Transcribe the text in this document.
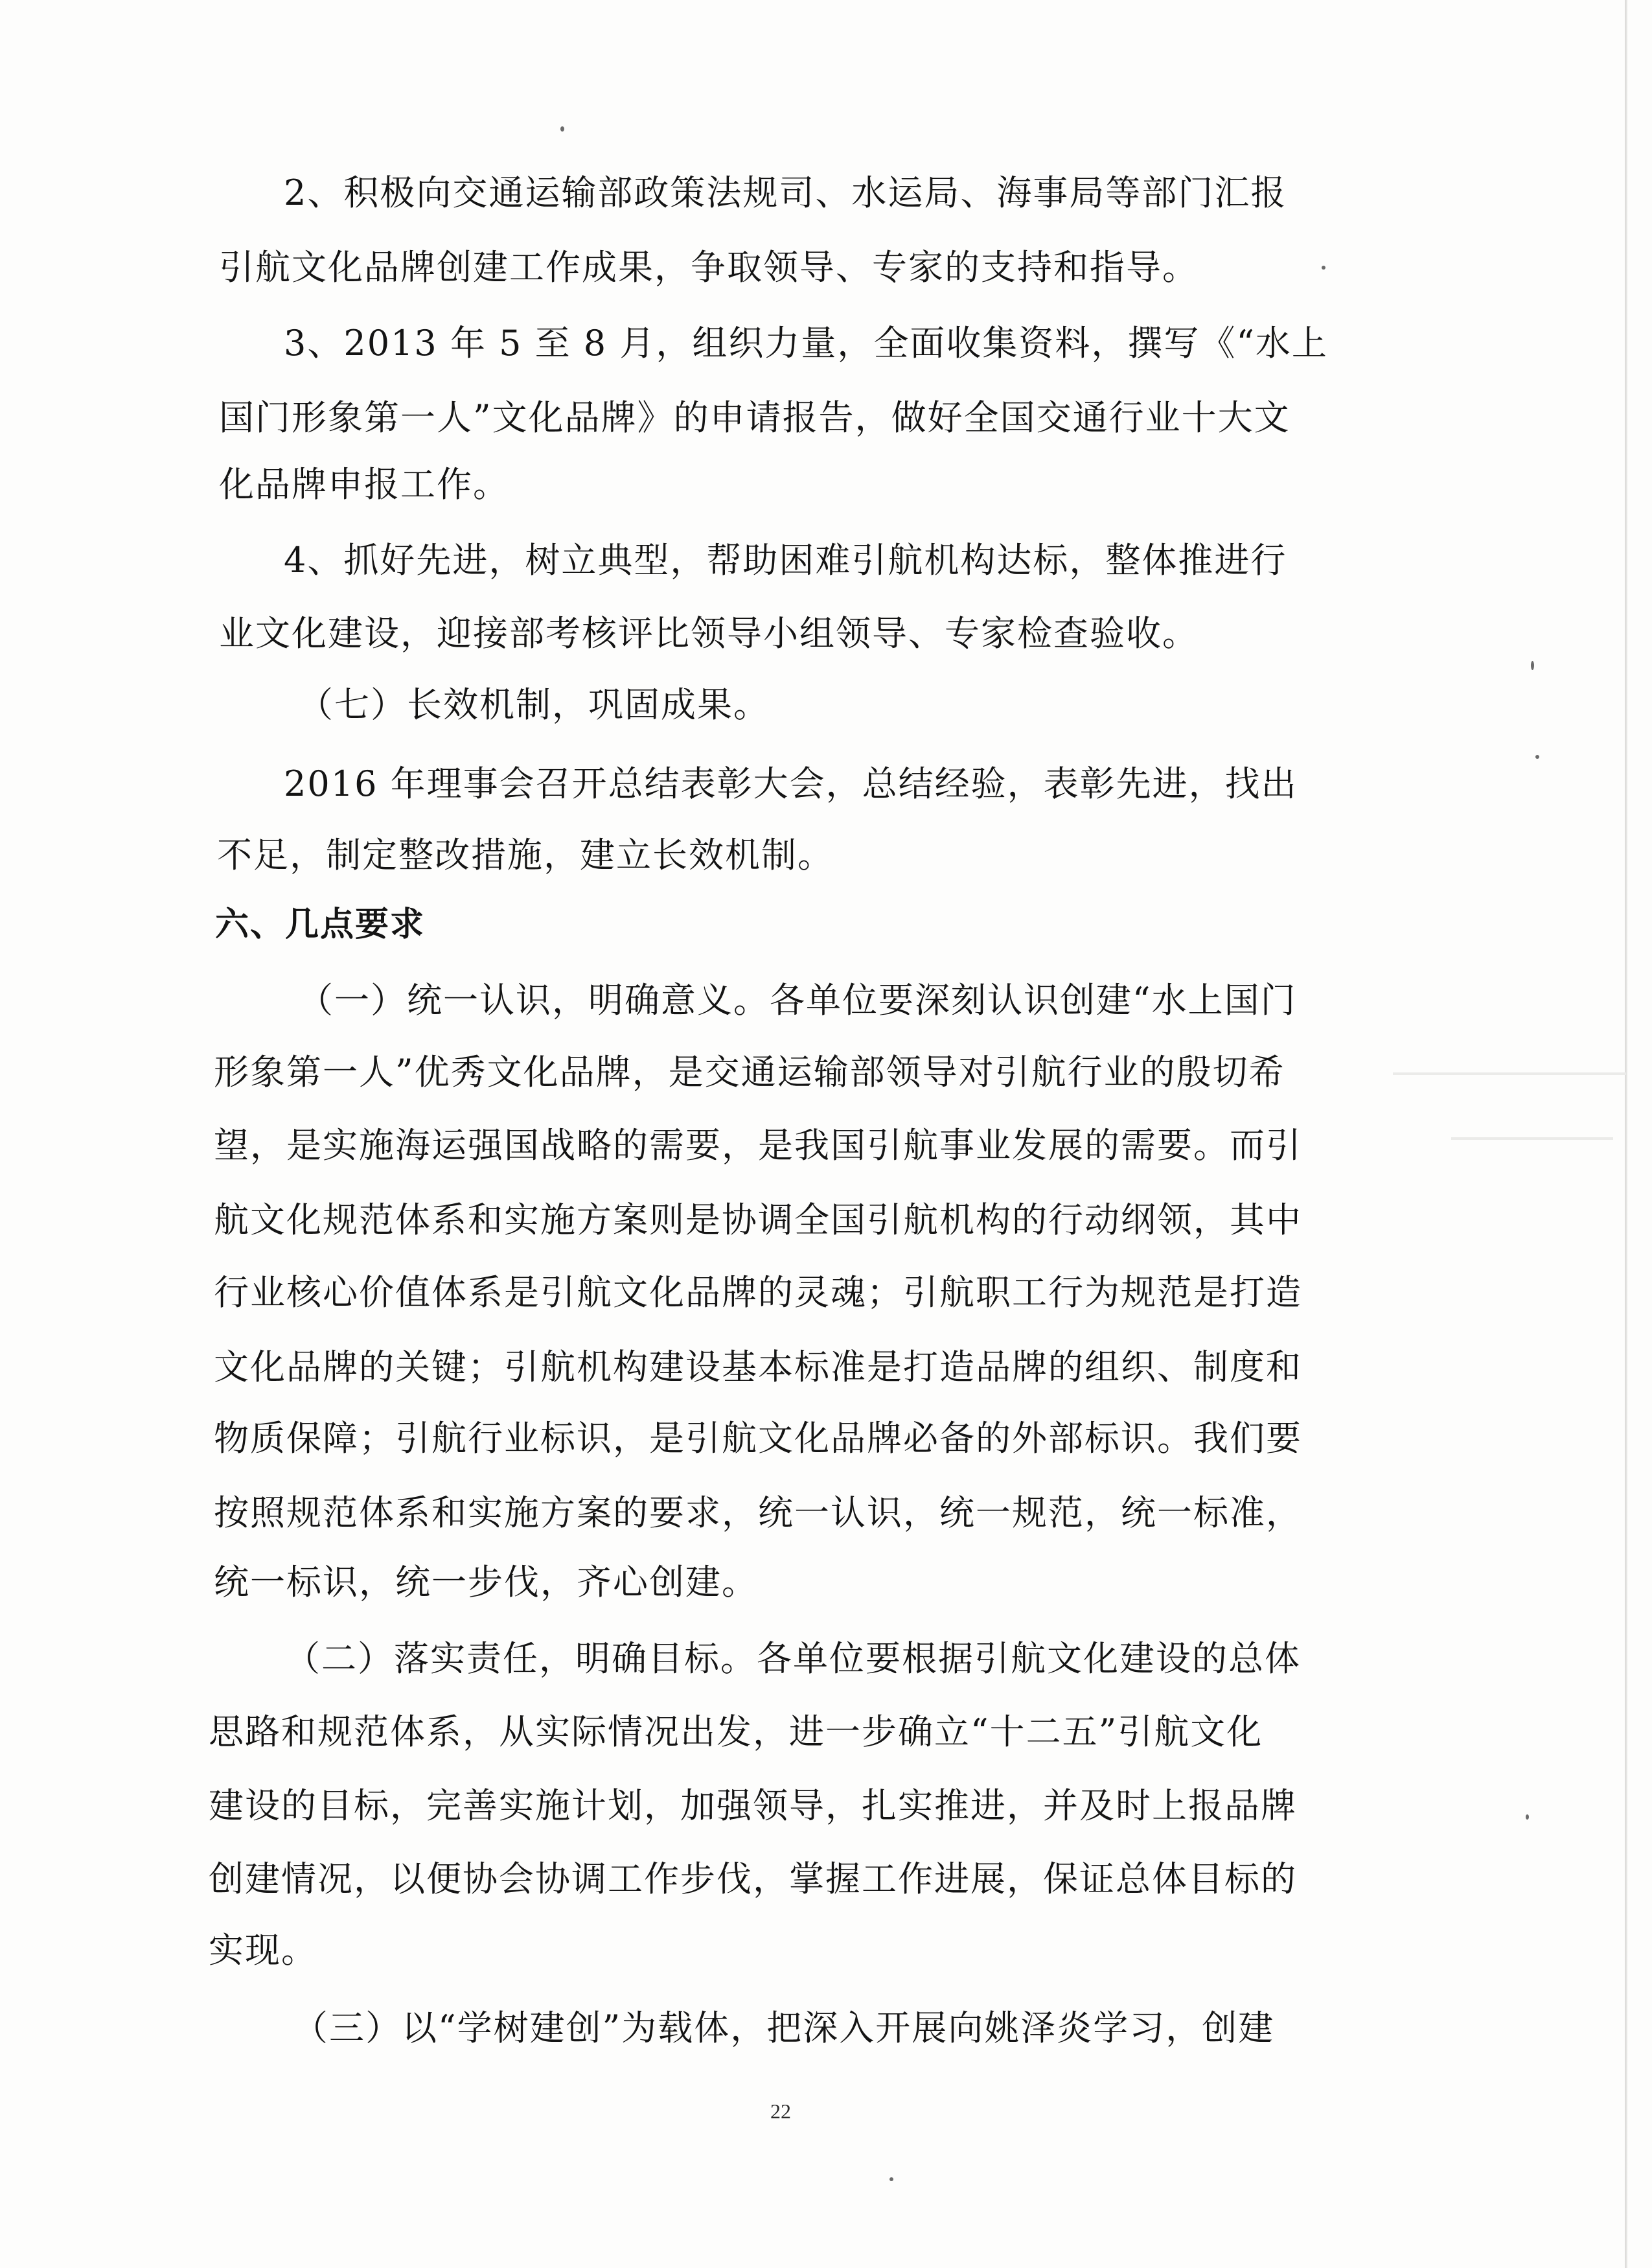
2、积极向交通运输部政策法规司、水运局、海事局等部门汇报
引航文化品牌创建工作成果，争取领导、专家的支持和指导。
3、2013 年 5 至 8 月，组织力量，全面收集资料，撰写《“水上
国门形象第一人”文化品牌》的申请报告，做好全国交通行业十大文
化品牌申报工作。
4、抓好先进，树立典型，帮助困难引航机构达标，整体推进行
业文化建设，迎接部考核评比领导小组领导、专家检查验收。
（七）长效机制，巩固成果。
2016 年理事会召开总结表彰大会，总结经验，表彰先进，找出
不足，制定整改措施，建立长效机制。
六、几点要求
（一）统一认识，明确意义。各单位要深刻认识创建“水上国门
形象第一人”优秀文化品牌，是交通运输部领导对引航行业的殷切希
望，是实施海运强国战略的需要，是我国引航事业发展的需要。而引
航文化规范体系和实施方案则是协调全国引航机构的行动纲领，其中
行业核心价值体系是引航文化品牌的灵魂；引航职工行为规范是打造
文化品牌的关键；引航机构建设基本标准是打造品牌的组织、制度和
物质保障；引航行业标识，是引航文化品牌必备的外部标识。我们要
按照规范体系和实施方案的要求，统一认识，统一规范，统一标准，
统一标识，统一步伐，齐心创建。
（二）落实责任，明确目标。各单位要根据引航文化建设的总体
思路和规范体系，从实际情况出发，进一步确立“十二五”引航文化
建设的目标，完善实施计划，加强领导，扎实推进，并及时上报品牌
创建情况，以便协会协调工作步伐，掌握工作进展，保证总体目标的
实现。
（三）以“学树建创”为载体，把深入开展向姚泽炎学习，创建
22
